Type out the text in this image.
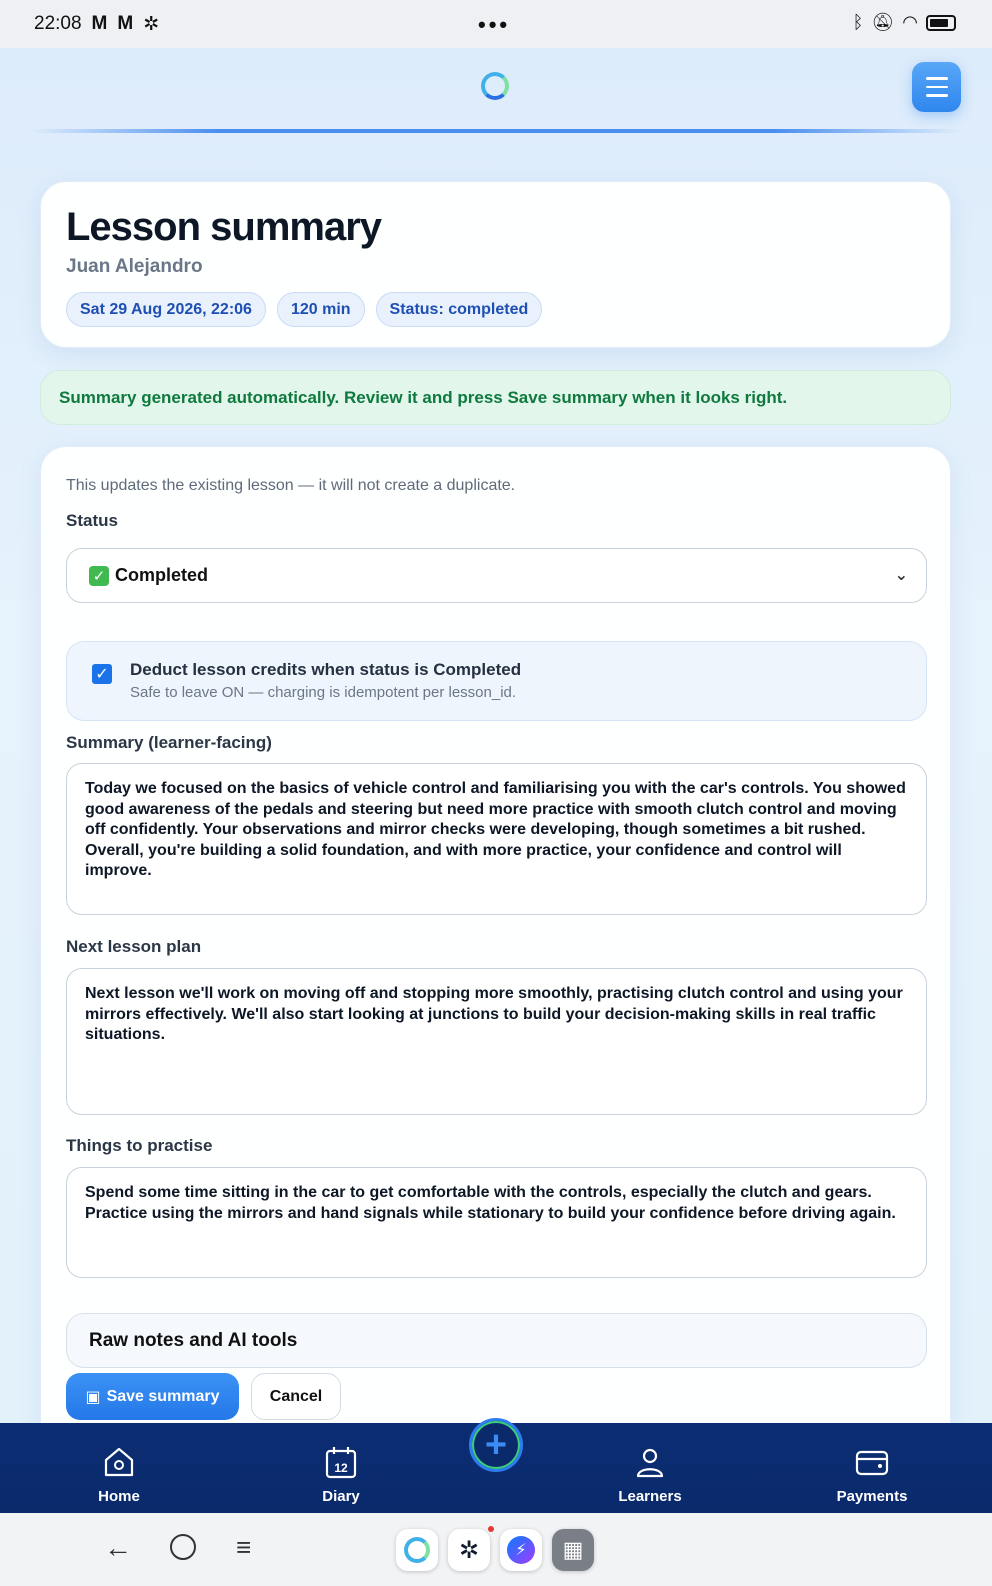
22:08 M M ✲	•••	ᛒ 🔕︎ ◠
Lesson summary
Juan Alejandro
Sat 29 Aug 2026, 22:06	120 min	Status: completed
Summary generated automatically. Review it and press Save summary when it looks right.
This updates the existing lesson — it will not create a duplicate.
Status
✓ Completed	⌄
✓ Deduct lesson credits when status is Completed
Safe to leave ON — charging is idempotent per lesson_id.
Summary (learner-facing)
Today we focused on the basics of vehicle control and familiarising you with the car's controls. You showed good awareness of the pedals and steering but need more practice with smooth clutch control and moving off confidently. Your observations and mirror checks were developing, though sometimes a bit rushed. Overall, you're building a solid foundation, and with more practice, your confidence and control will improve.
Next lesson plan
Next lesson we'll work on moving off and stopping more smoothly, practising clutch control and using your mirrors effectively. We'll also start looking at junctions to build your decision-making skills in real traffic situations.
Things to practise
Spend some time sitting in the car to get comfortable with the controls, especially the clutch and gears. Practice using the mirrors and hand signals while stationary to build your confidence before driving again.
Raw notes and AI tools
▣ Save summary	Cancel
Home
12
Diary	Learners	Payments
+
←	≡	✲	⚡	▦
